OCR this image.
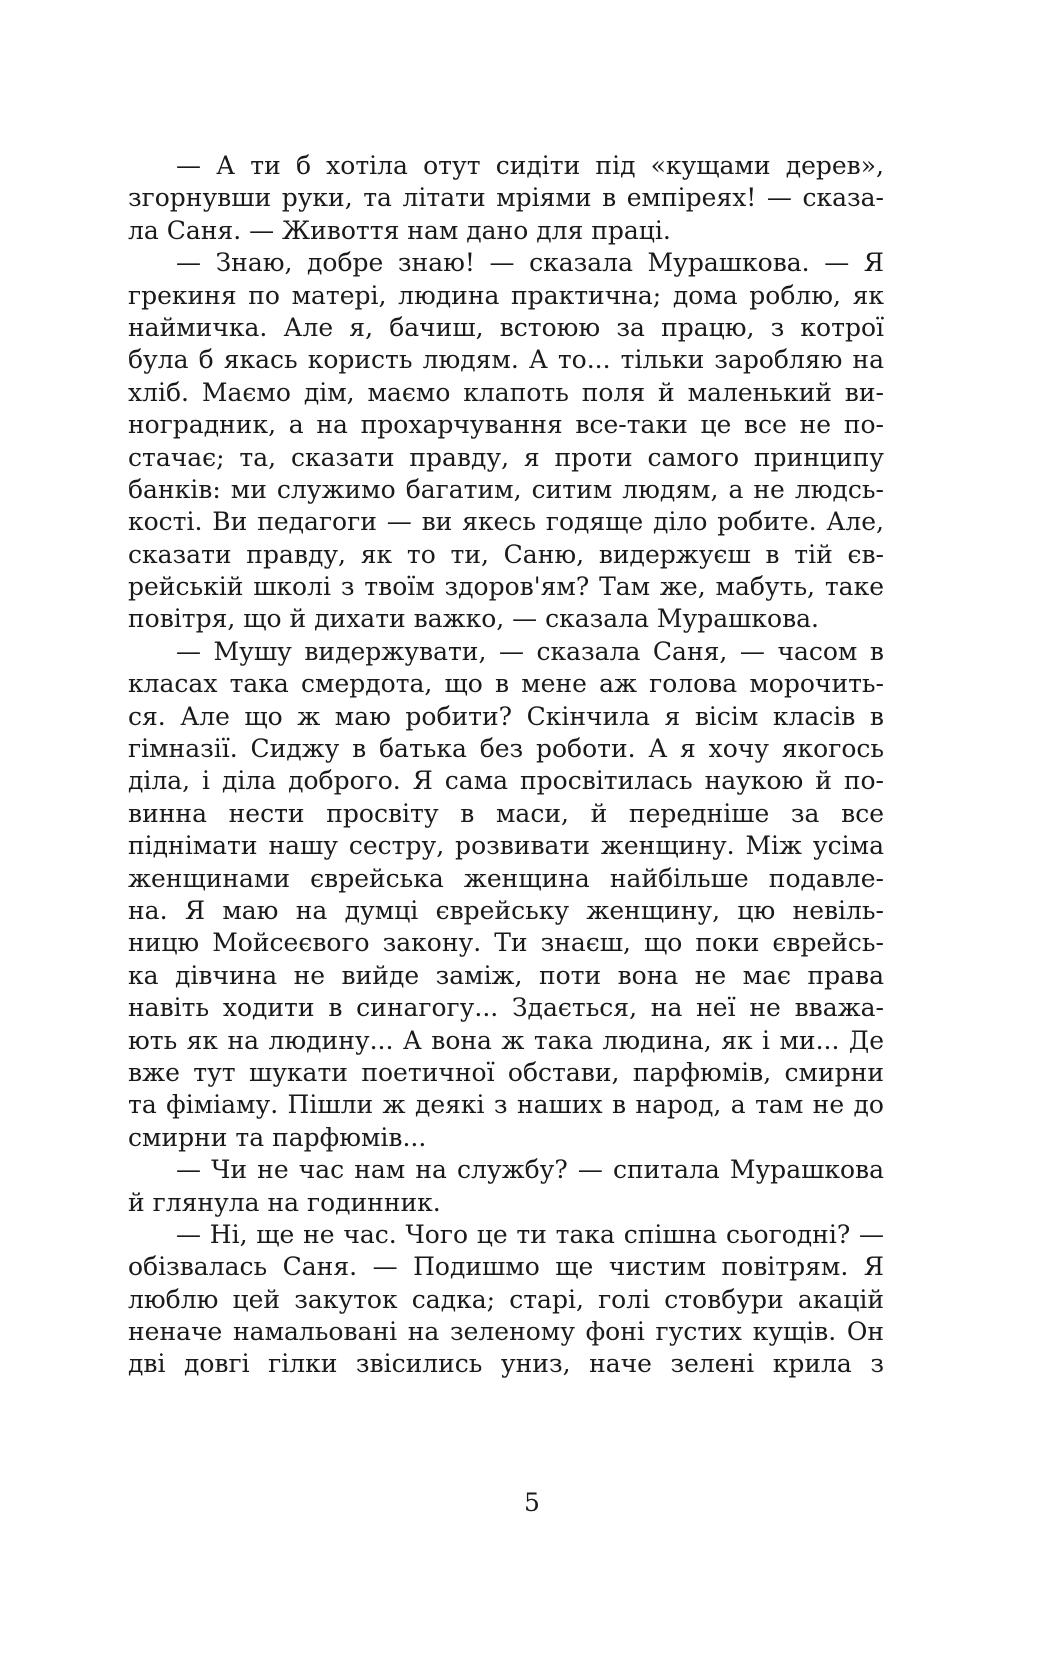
— А ти б хотіла отут сидіти під «кущами дерев»,
згорнувши руки, та літати мріями в емпіреях! — сказа-
ла Саня. — Живоття нам дано для праці.
— Знаю, добре знаю! — сказала Мурашкова. — Я
грекиня по матері, людина практична; дома роблю, як
наймичка. Але я, бачиш, встоюю за працю, з котрої
була б якась користь людям. А то... тільки заробляю на
хліб. Маємо дім, маємо клапоть поля й маленький ви-
ноградник, а на прохарчування все-таки це все не по-
стачає; та, сказати правду, я проти самого принципу
банків: ми служимо багатим, ситим людям, а не людсь-
кості. Ви педагоги — ви якесь годяще діло робите. Але,
сказати правду, як то ти, Саню, видержуєш в тій єв-
рейській школі з твоїм здоров'ям? Там же, мабуть, таке
повітря, що й дихати важко, — сказала Мурашкова.
— Мушу видержувати, — сказала Саня, — часом в
класах така смердота, що в мене аж голова морочить-
ся. Але що ж маю робити? Скінчила я вісім класів в
гімназії. Сиджу в батька без роботи. А я хочу якогось
діла, і діла доброго. Я сама просвітилась наукою й по-
винна нести просвіту в маси, й передніше за все
піднімати нашу сестру, розвивати женщину. Між усіма
женщинами єврейська женщина найбільше подавле-
на. Я маю на думці єврейську женщину, цю невіль-
ницю Мойсеєвого закону. Ти знаєш, що поки єврейсь-
ка дівчина не вийде заміж, поти вона не має права
навіть ходити в синагогу... Здається, на неї не вважа-
ють як на людину... А вона ж така людина, як і ми... Де
вже тут шукати поетичної обстави, парфюмів, смирни
та фіміаму. Пішли ж деякі з наших в народ, а там не до
смирни та парфюмів...
— Чи не час нам на службу? — спитала Мурашкова
й глянула на годинник.
— Ні, ще не час. Чого це ти така спішна сьогодні? —
обізвалась Саня. — Подишмо ще чистим повітрям. Я
люблю цей закуток садка; старі, голі стовбури акацій
неначе намальовані на зеленому фоні густих кущів. Он
дві довгі гілки звісились униз, наче зелені крила з
5
